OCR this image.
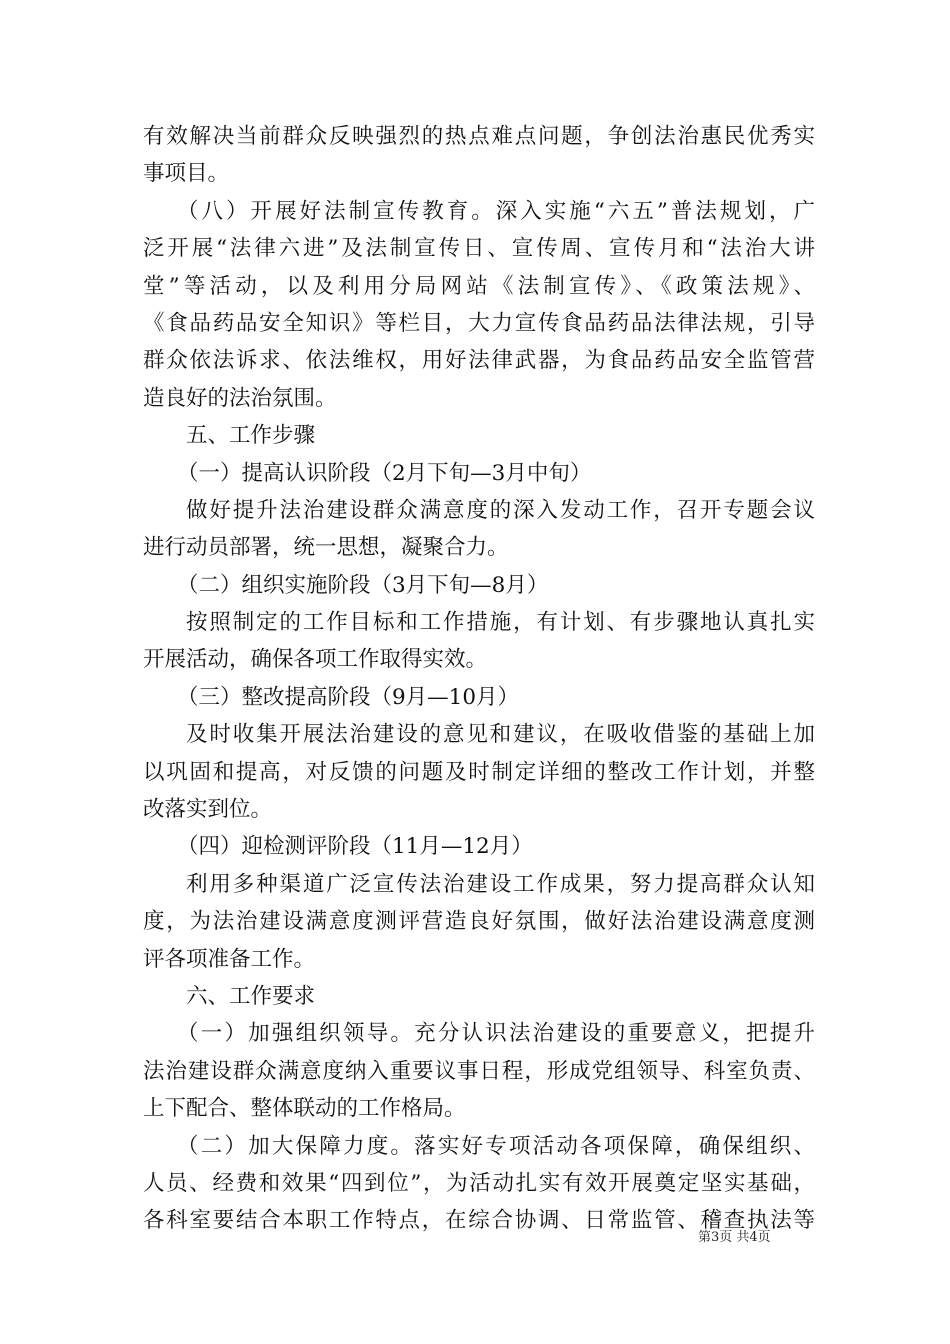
有效解决当前群众反映强烈的热点难点问题，争创法治惠民优秀实
事项目。
（八）开展好法制宣传教育。深入实施“六五”普法规划，广
泛开展“法律六进”及法制宣传日、宣传周、宣传月和“法治大讲
堂”等活动，以及利用分局网站《法制宣传》、《政策法规》、
《食品药品安全知识》等栏目，大力宣传食品药品法律法规，引导
群众依法诉求、依法维权，用好法律武器，为食品药品安全监管营
造良好的法治氛围。
五、工作步骤
（一）提高认识阶段（2月下旬—3月中旬）
做好提升法治建设群众满意度的深入发动工作，召开专题会议
进行动员部署，统一思想，凝聚合力。
（二）组织实施阶段（3月下旬—8月）
按照制定的工作目标和工作措施，有计划、有步骤地认真扎实
开展活动，确保各项工作取得实效。
（三）整改提高阶段（9月—10月）
及时收集开展法治建设的意见和建议，在吸收借鉴的基础上加
以巩固和提高，对反馈的问题及时制定详细的整改工作计划，并整
改落实到位。
（四）迎检测评阶段（11月—12月）
利用多种渠道广泛宣传法治建设工作成果，努力提高群众认知
度，为法治建设满意度测评营造良好氛围，做好法治建设满意度测
评各项准备工作。
六、工作要求
（一）加强组织领导。充分认识法治建设的重要意义，把提升
法治建设群众满意度纳入重要议事日程，形成党组领导、科室负责、
上下配合、整体联动的工作格局。
（二）加大保障力度。落实好专项活动各项保障，确保组织、
人员、经费和效果“四到位”，为活动扎实有效开展奠定坚实基础，
各科室要结合本职工作特点，在综合协调、日常监管、稽查执法等
第3页 共4页
